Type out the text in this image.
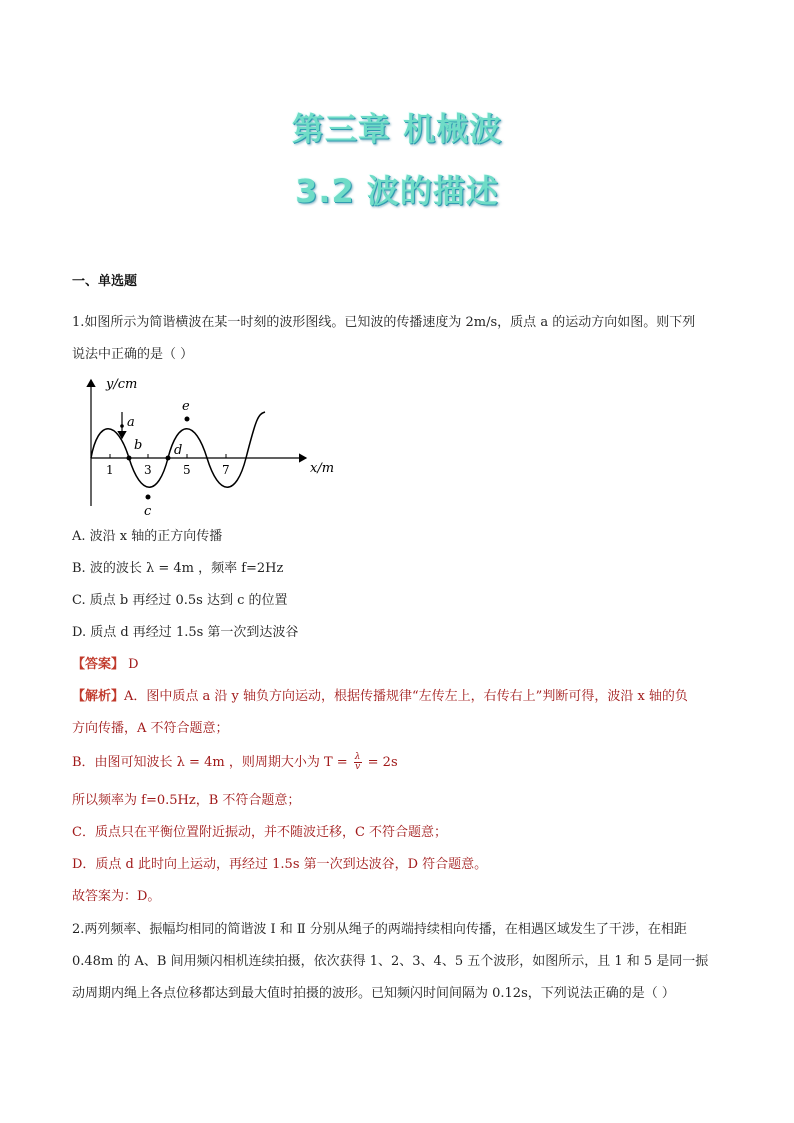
第三章 机械波
3.2 波的描述
一、单选题
1.如图所示为简谐横波在某一时刻的波形图线。已知波的传播速度为 2m/s，质点 a 的运动方向如图。则下列
说法中正确的是（ ）
y/cm
x/m
1	3	5	7
a
b
c
d
e
A. 波沿 x 轴的正方向传播
B. 波的波长 λ = 4m ，频率 f=2Hz
C. 质点 b 再经过 0.5s 达到 c 的位置
D. 质点 d 再经过 1.5s 第一次到达波谷
【答案】 D
【解析】A．图中质点 a 沿 y 轴负方向运动，根据传播规律“左传左上，右传右上”判断可得，波沿 x 轴的负
方向传播，A 不符合题意；
B．由图可知波长 λ = 4m ，则周期大小为 $T = \frac{\lambda}{v} = 2s$
所以频率为 f=0.5Hz，B 不符合题意；
C．质点只在平衡位置附近振动，并不随波迁移，C 不符合题意；
D．质点 d 此时向上运动，再经过 1.5s 第一次到达波谷，D 符合题意。
故答案为：D。
2.两列频率、振幅均相同的简谐波 Ⅰ 和 Ⅱ 分别从绳子的两端持续相向传播，在相遇区域发生了干涉，在相距
0.48m 的 A、B 间用频闪相机连续拍摄，依次获得 1、2、3、4、5 五个波形，如图所示，且 1 和 5 是同一振
动周期内绳上各点位移都达到最大值时拍摄的波形。已知频闪时间间隔为 0.12s，下列说法正确的是（ ）
